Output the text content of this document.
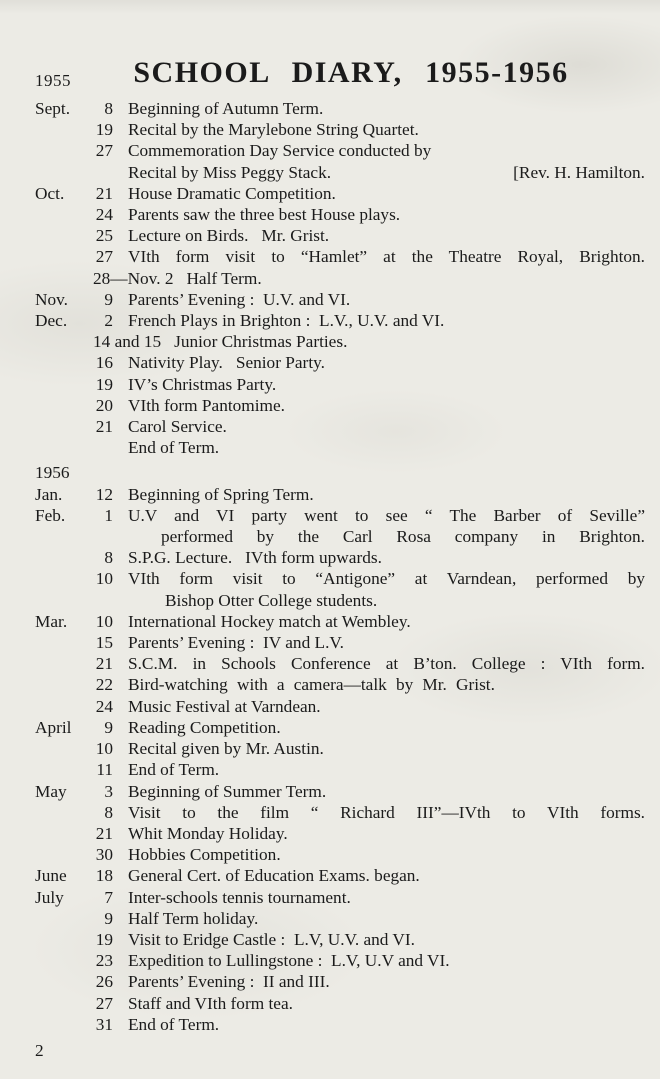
1955	SCHOOL DIARY, 1955-1956
Sept.	8 Beginning of Autumn Term.
19 Recital by the Marylebone String Quartet.
27 Commemoration Day Service conducted by
Recital by Miss Peggy Stack.	[Rev. H. Hamilton.
Oct.	21 House Dramatic Competition.
24 Parents saw the three best House plays.
25 Lecture on Birds.   Mr. Grist.
27 VIth form visit to “Hamlet” at the Theatre Royal, Brighton.
28—Nov. 2   Half Term.
Nov.	9 Parents’ Evening :  U.V. and VI.
Dec.	2 French Plays in Brighton :  L.V., U.V. and VI.
14 and 15   Junior Christmas Parties.
16 Nativity Play.   Senior Party.
19 IV’s Christmas Party.
20 VIth form Pantomime.
21 Carol Service.
End of Term.
1956
Jan.	12 Beginning of Spring Term.
Feb.	1 U.V and VI party went to see “ The Barber of Seville”
performed by the Carl Rosa company in Brighton.
8 S.P.G. Lecture.   IVth form upwards.
10 VIth form visit to “Antigone” at Varndean, performed by
Bishop Otter College students.
Mar.	10 International Hockey match at Wembley.
15 Parents’ Evening :  IV and L.V.
21 S.C.M. in Schools Conference at B’ton. College : VIth form.
22 Bird-watching with a camera—talk by Mr. Grist.
24 Music Festival at Varndean.
April	9 Reading Competition.
10 Recital given by Mr. Austin.
11 End of Term.
May	3 Beginning of Summer Term.
8 Visit to the film “ Richard III”—IVth to VIth forms.
21 Whit Monday Holiday.
30 Hobbies Competition.
June	18 General Cert. of Education Exams. began.
July	7 Inter-schools tennis tournament.
9 Half Term holiday.
19 Visit to Eridge Castle :  L.V, U.V. and VI.
23 Expedition to Lullingstone :  L.V, U.V and VI.
26 Parents’ Evening :  II and III.
27 Staff and VIth form tea.
31 End of Term.
2
